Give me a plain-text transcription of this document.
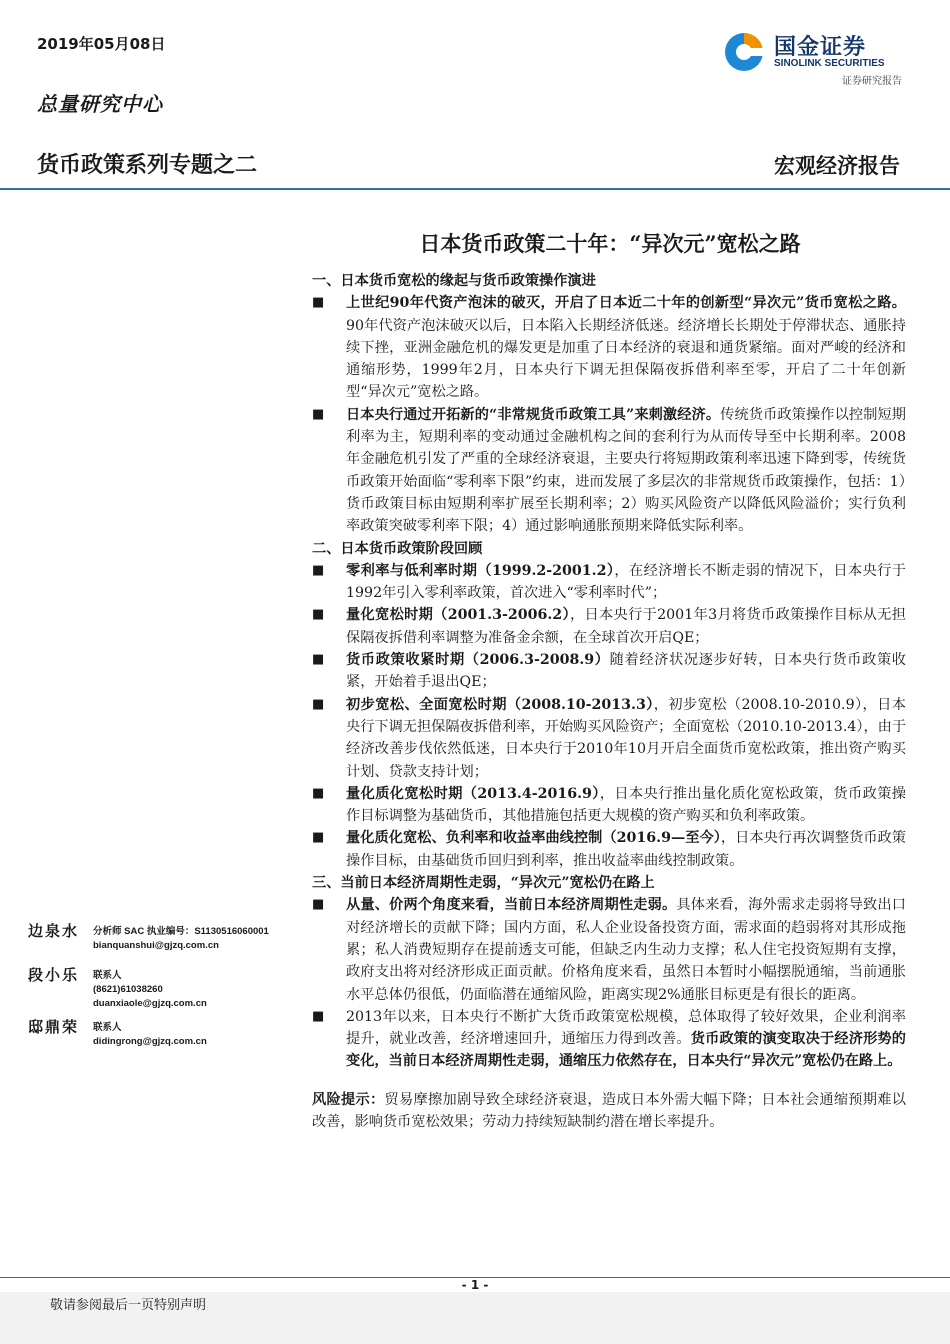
2019年05月08日
总量研究中心
货币政策系列专题之二	宏观经济报告
国金证券
SINOLINK SECURITIES
证券研究报告
日本货币政策二十年：“异次元”宽松之路
一、日本货币宽松的缘起与货币政策操作演进
■ 上世纪90年代资产泡沫的破灭，开启了日本近二十年的创新型“异次元”货币宽松之路。90年代资产泡沫破灭以后，日本陷入长期经济低迷。经济增长长期处于停滞状态、通胀持续下挫，亚洲金融危机的爆发更是加重了日本经济的衰退和通货紧缩。面对严峻的经济和通缩形势，1999年2月，日本央行下调无担保隔夜拆借利率至零，开启了二十年创新型“异次元”宽松之路。
■ 日本央行通过开拓新的“非常规货币政策工具”来刺激经济。传统货币政策操作以控制短期利率为主，短期利率的变动通过金融机构之间的套利行为从而传导至中长期利率。2008年金融危机引发了严重的全球经济衰退，主要央行将短期政策利率迅速下降到零，传统货币政策开始面临“零利率下限”约束，进而发展了多层次的非常规货币政策操作，包括：1）货币政策目标由短期利率扩展至长期利率；2）购买风险资产以降低风险溢价；实行负利率政策突破零利率下限；4）通过影响通胀预期来降低实际利率。
二、日本货币政策阶段回顾
■ 零利率与低利率时期（1999.2-2001.2），在经济增长不断走弱的情况下，日本央行于1992年引入零利率政策，首次进入“零利率时代”；
■ 量化宽松时期（2001.3-2006.2），日本央行于2001年3月将货币政策操作目标从无担保隔夜拆借利率调整为准备金余额，在全球首次开启QE；
■ 货币政策收紧时期（2006.3-2008.9）随着经济状况逐步好转，日本央行货币政策收紧，开始着手退出QE；
■ 初步宽松、全面宽松时期（2008.10-2013.3），初步宽松（2008.10-2010.9），日本央行下调无担保隔夜拆借利率，开始购买风险资产；全面宽松（2010.10-2013.4），由于经济改善步伐依然低迷，日本央行于2010年10月开启全面货币宽松政策，推出资产购买计划、贷款支持计划；
■ 量化质化宽松时期（2013.4-2016.9），日本央行推出量化质化宽松政策，货币政策操作目标调整为基础货币，其他措施包括更大规模的资产购买和负利率政策。
■ 量化质化宽松、负利率和收益率曲线控制（2016.9—至今），日本央行再次调整货币政策操作目标，由基础货币回归到利率，推出收益率曲线控制政策。
三、当前日本经济周期性走弱，“异次元”宽松仍在路上
■ 从量、价两个角度来看，当前日本经济周期性走弱。具体来看，海外需求走弱将导致出口对经济增长的贡献下降；国内方面，私人企业设备投资方面，需求面的趋弱将对其形成拖累；私人消费短期存在提前透支可能，但缺乏内生动力支撑；私人住宅投资短期有支撑，政府支出将对经济形成正面贡献。价格角度来看，虽然日本暂时小幅摆脱通缩，当前通胀水平总体仍很低，仍面临潜在通缩风险，距离实现2%通胀目标更是有很长的距离。
■ 2013年以来，日本央行不断扩大货币政策宽松规模，总体取得了较好效果，企业利润率提升，就业改善，经济增速回升，通缩压力得到改善。货币政策的演变取决于经济形势的变化，当前日本经济周期性走弱，通缩压力依然存在，日本央行“异次元”宽松仍在路上。
风险提示：贸易摩擦加剧导致全球经济衰退，造成日本外需大幅下降；日本社会通缩预期难以改善，影响货币宽松效果；劳动力持续短缺制约潜在增长率提升。
边泉水 分析师 SAC 执业编号：S1130516060001
bianquanshui@gjzq.com.cn
段小乐 联系人
(8621)61038260
duanxiaole@gjzq.com.cn
邸鼎荣 联系人
didingrong@gjzq.com.cn
- 1 -
敬请参阅最后一页特别声明
